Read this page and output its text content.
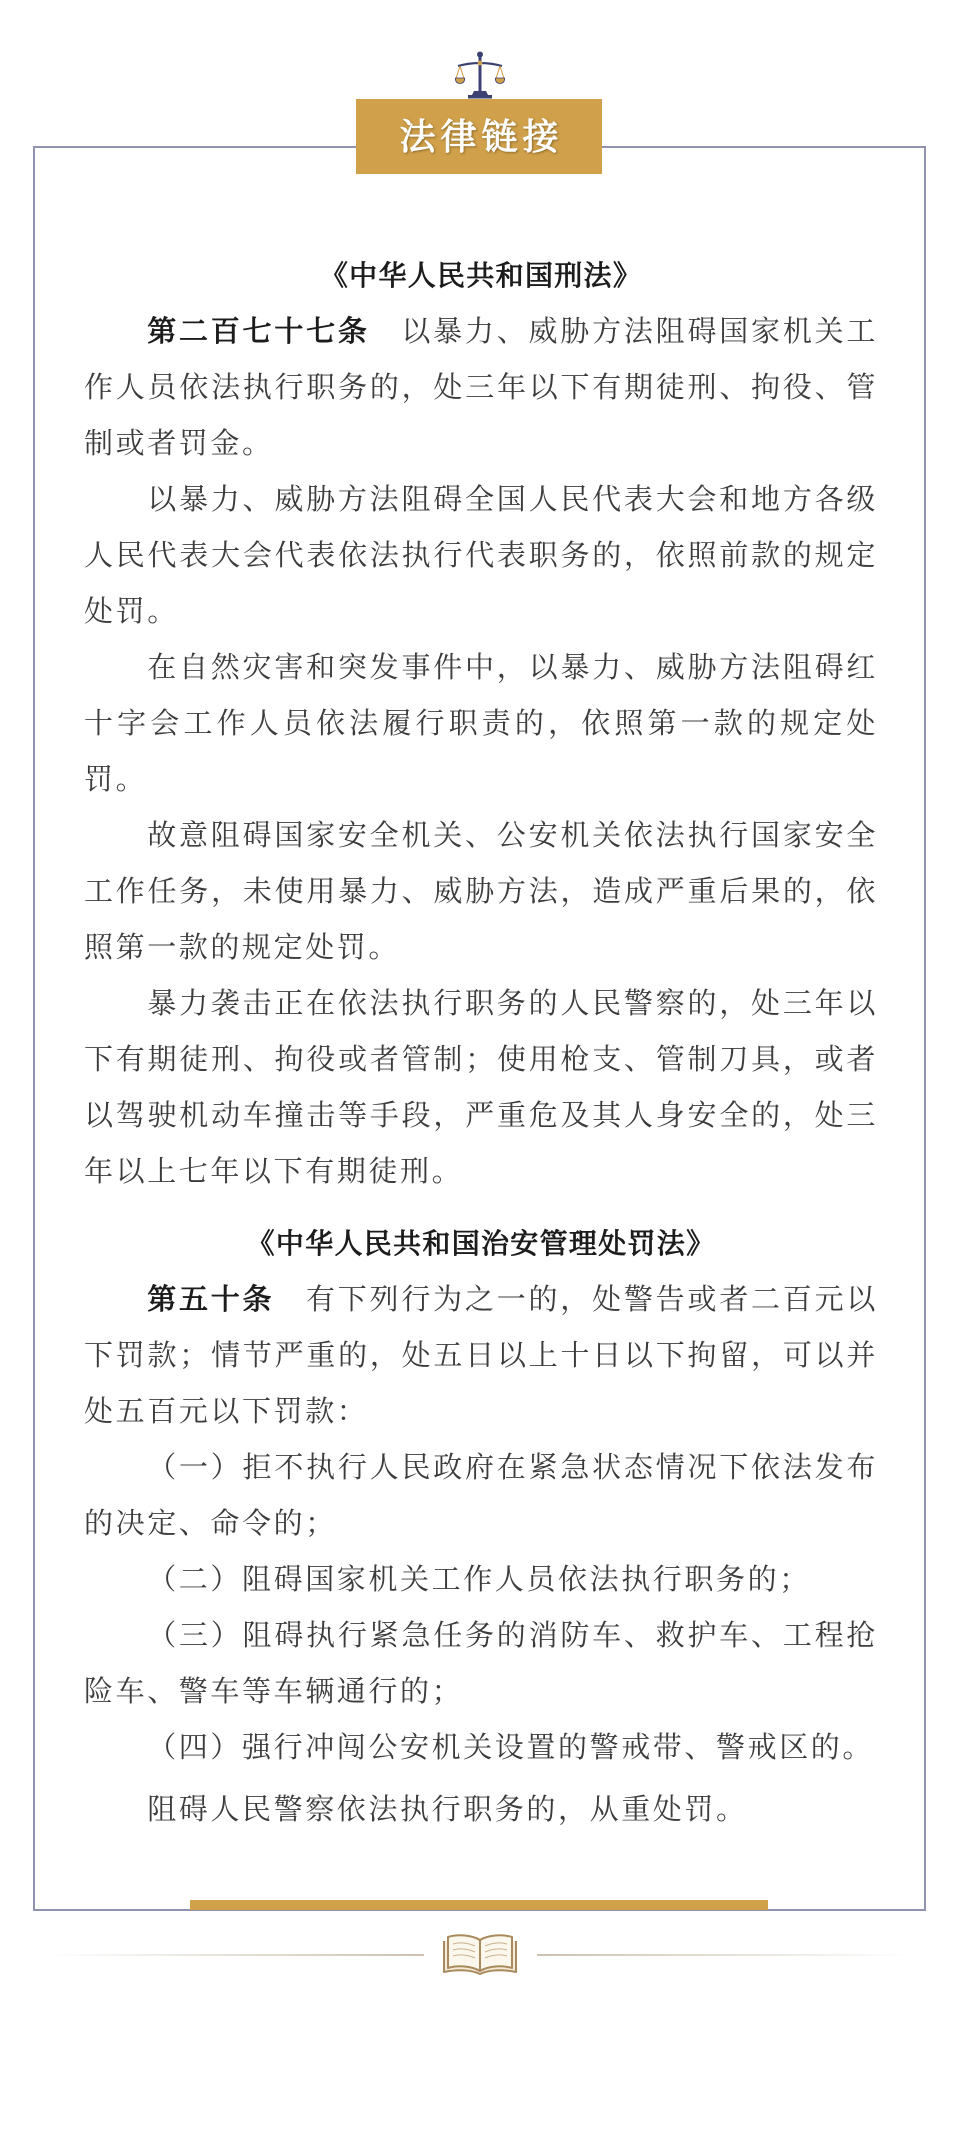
法律链接
《中华人民共和国刑法》

第二百七十七条 以暴力、威胁方法阻碍国家机关工作人员依法执行职务的，处三年以下有期徒刑、拘役、管制或者罚金。

以暴力、威胁方法阻碍全国人民代表大会和地方各级人民代表大会代表依法执行代表职务的，依照前款的规定处罚。

在自然灾害和突发事件中，以暴力、威胁方法阻碍红十字会工作人员依法履行职责的，依照第一款的规定处罚。

故意阻碍国家安全机关、公安机关依法执行国家安全工作任务，未使用暴力、威胁方法，造成严重后果的，依照第一款的规定处罚。

暴力袭击正在依法执行职务的人民警察的，处三年以下有期徒刑、拘役或者管制；使用枪支、管制刀具，或者以驾驶机动车撞击等手段，严重危及其人身安全的，处三年以上七年以下有期徒刑。

《中华人民共和国治安管理处罚法》

第五十条 有下列行为之一的，处警告或者二百元以下罚款；情节严重的，处五日以上十日以下拘留，可以并处五百元以下罚款：

（一）拒不执行人民政府在紧急状态情况下依法发布的决定、命令的；

（二）阻碍国家机关工作人员依法执行职务的；

（三）阻碍执行紧急任务的消防车、救护车、工程抢险车、警车等车辆通行的；

（四）强行冲闯公安机关设置的警戒带、警戒区的。

阻碍人民警察依法执行职务的，从重处罚。
